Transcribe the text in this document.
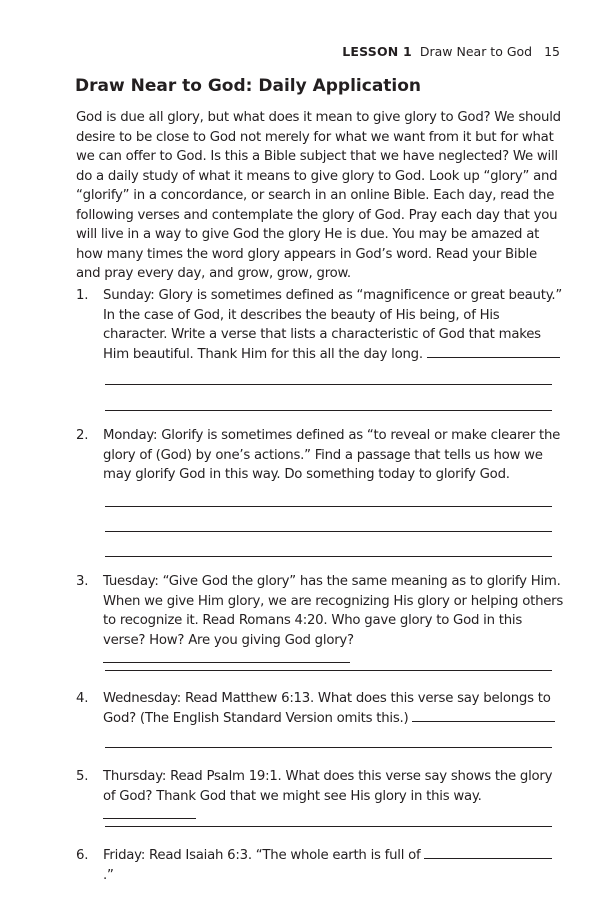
LESSON 1 Draw Near to God 15
Draw Near to God: Daily Application

God is due all glory, but what does it mean to give glory to God? We should desire to be close to God not merely for what we want from it but for what we can offer to God. Is this a Bible subject that we have neglected? We will do a daily study of what it means to give glory to God. Look up “glory” and “glorify” in a concordance, or search in an online Bible. Each day, read the following verses and contemplate the glory of God. Pray each day that you will live in a way to give God the glory He is due. You may be amazed at how many times the word glory appears in God’s word. Read your Bible and pray every day, and grow, grow, grow.

1. Sunday: Glory is sometimes defined as “magnificence or great beauty.” In the case of God, it describes the beauty of His being, of His character. Write a verse that lists a characteristic of God that makes Him beautiful. Thank Him for this all the day long.
2. Monday: Glorify is sometimes defined as “to reveal or make clearer the glory of (God) by one’s actions.” Find a passage that tells us how we may glorify God in this way. Do something today to glorify God.
3. Tuesday: “Give God the glory” has the same meaning as to glorify Him. When we give Him glory, we are recognizing His glory or helping others to recognize it. Read Romans 4:20. Who gave glory to God in this verse? How? Are you giving God glory?
4. Wednesday: Read Matthew 6:13. What does this verse say belongs to God? (The English Standard Version omits this.)
5. Thursday: Read Psalm 19:1. What does this verse say shows the glory of God? Thank God that we might see His glory in this way.
6. Friday: Read Isaiah 6:3. “The whole earth is full of  .”
